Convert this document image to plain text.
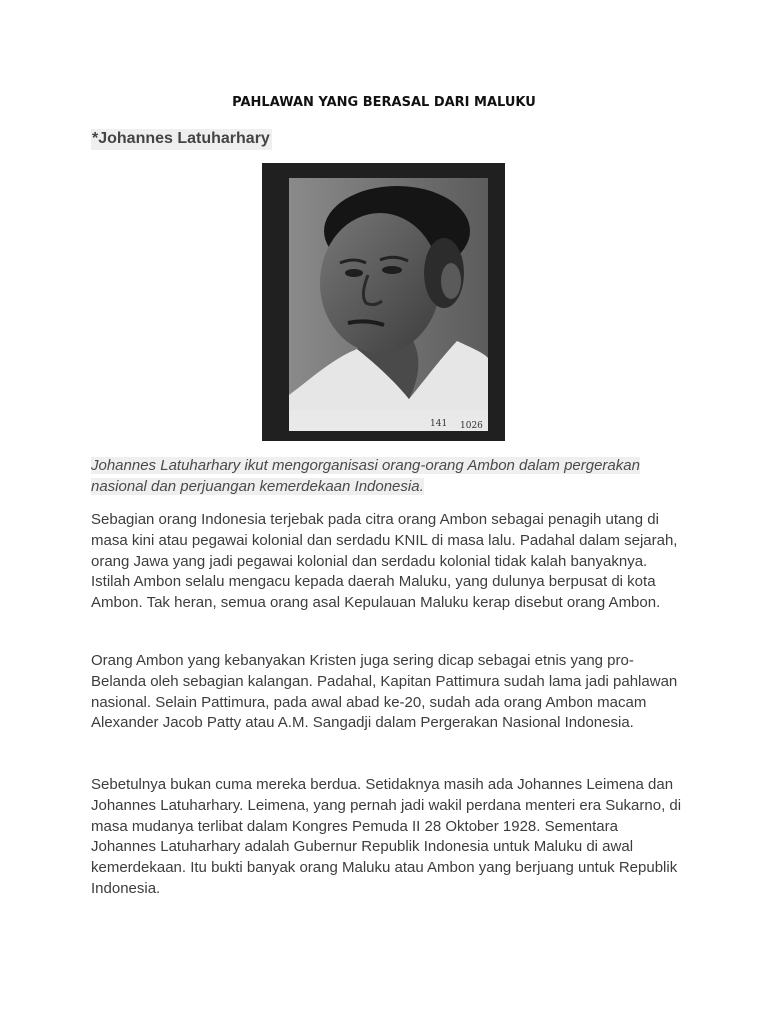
PAHLAWAN YANG BERASAL DARI MALUKU
*Johannes Latuharhary
141 1026
Johannes Latuharhary ikut mengorganisasi orang-orang Ambon dalam pergerakan nasional dan perjuangan kemerdekaan Indonesia.

Sebagian orang Indonesia terjebak pada citra orang Ambon sebagai penagih utang di masa kini atau pegawai kolonial dan serdadu KNIL di masa lalu. Padahal dalam sejarah, orang Jawa yang jadi pegawai kolonial dan serdadu kolonial tidak kalah banyaknya. Istilah Ambon selalu mengacu kepada daerah Maluku, yang dulunya berpusat di kota Ambon. Tak heran, semua orang asal Kepulauan Maluku kerap disebut orang Ambon.

Orang Ambon yang kebanyakan Kristen juga sering dicap sebagai etnis yang pro-Belanda oleh sebagian kalangan. Padahal, Kapitan Pattimura sudah lama jadi pahlawan nasional. Selain Pattimura, pada awal abad ke-20, sudah ada orang Ambon macam Alexander Jacob Patty atau A.M. Sangadji dalam Pergerakan Nasional Indonesia.

Sebetulnya bukan cuma mereka berdua. Setidaknya masih ada Johannes Leimena dan Johannes Latuharhary. Leimena, yang pernah jadi wakil perdana menteri era Sukarno, di masa mudanya terlibat dalam Kongres Pemuda II 28 Oktober 1928. Sementara Johannes Latuharhary adalah Gubernur Republik Indonesia untuk Maluku di awal kemerdekaan. Itu bukti banyak orang Maluku atau Ambon yang berjuang untuk Republik Indonesia.
